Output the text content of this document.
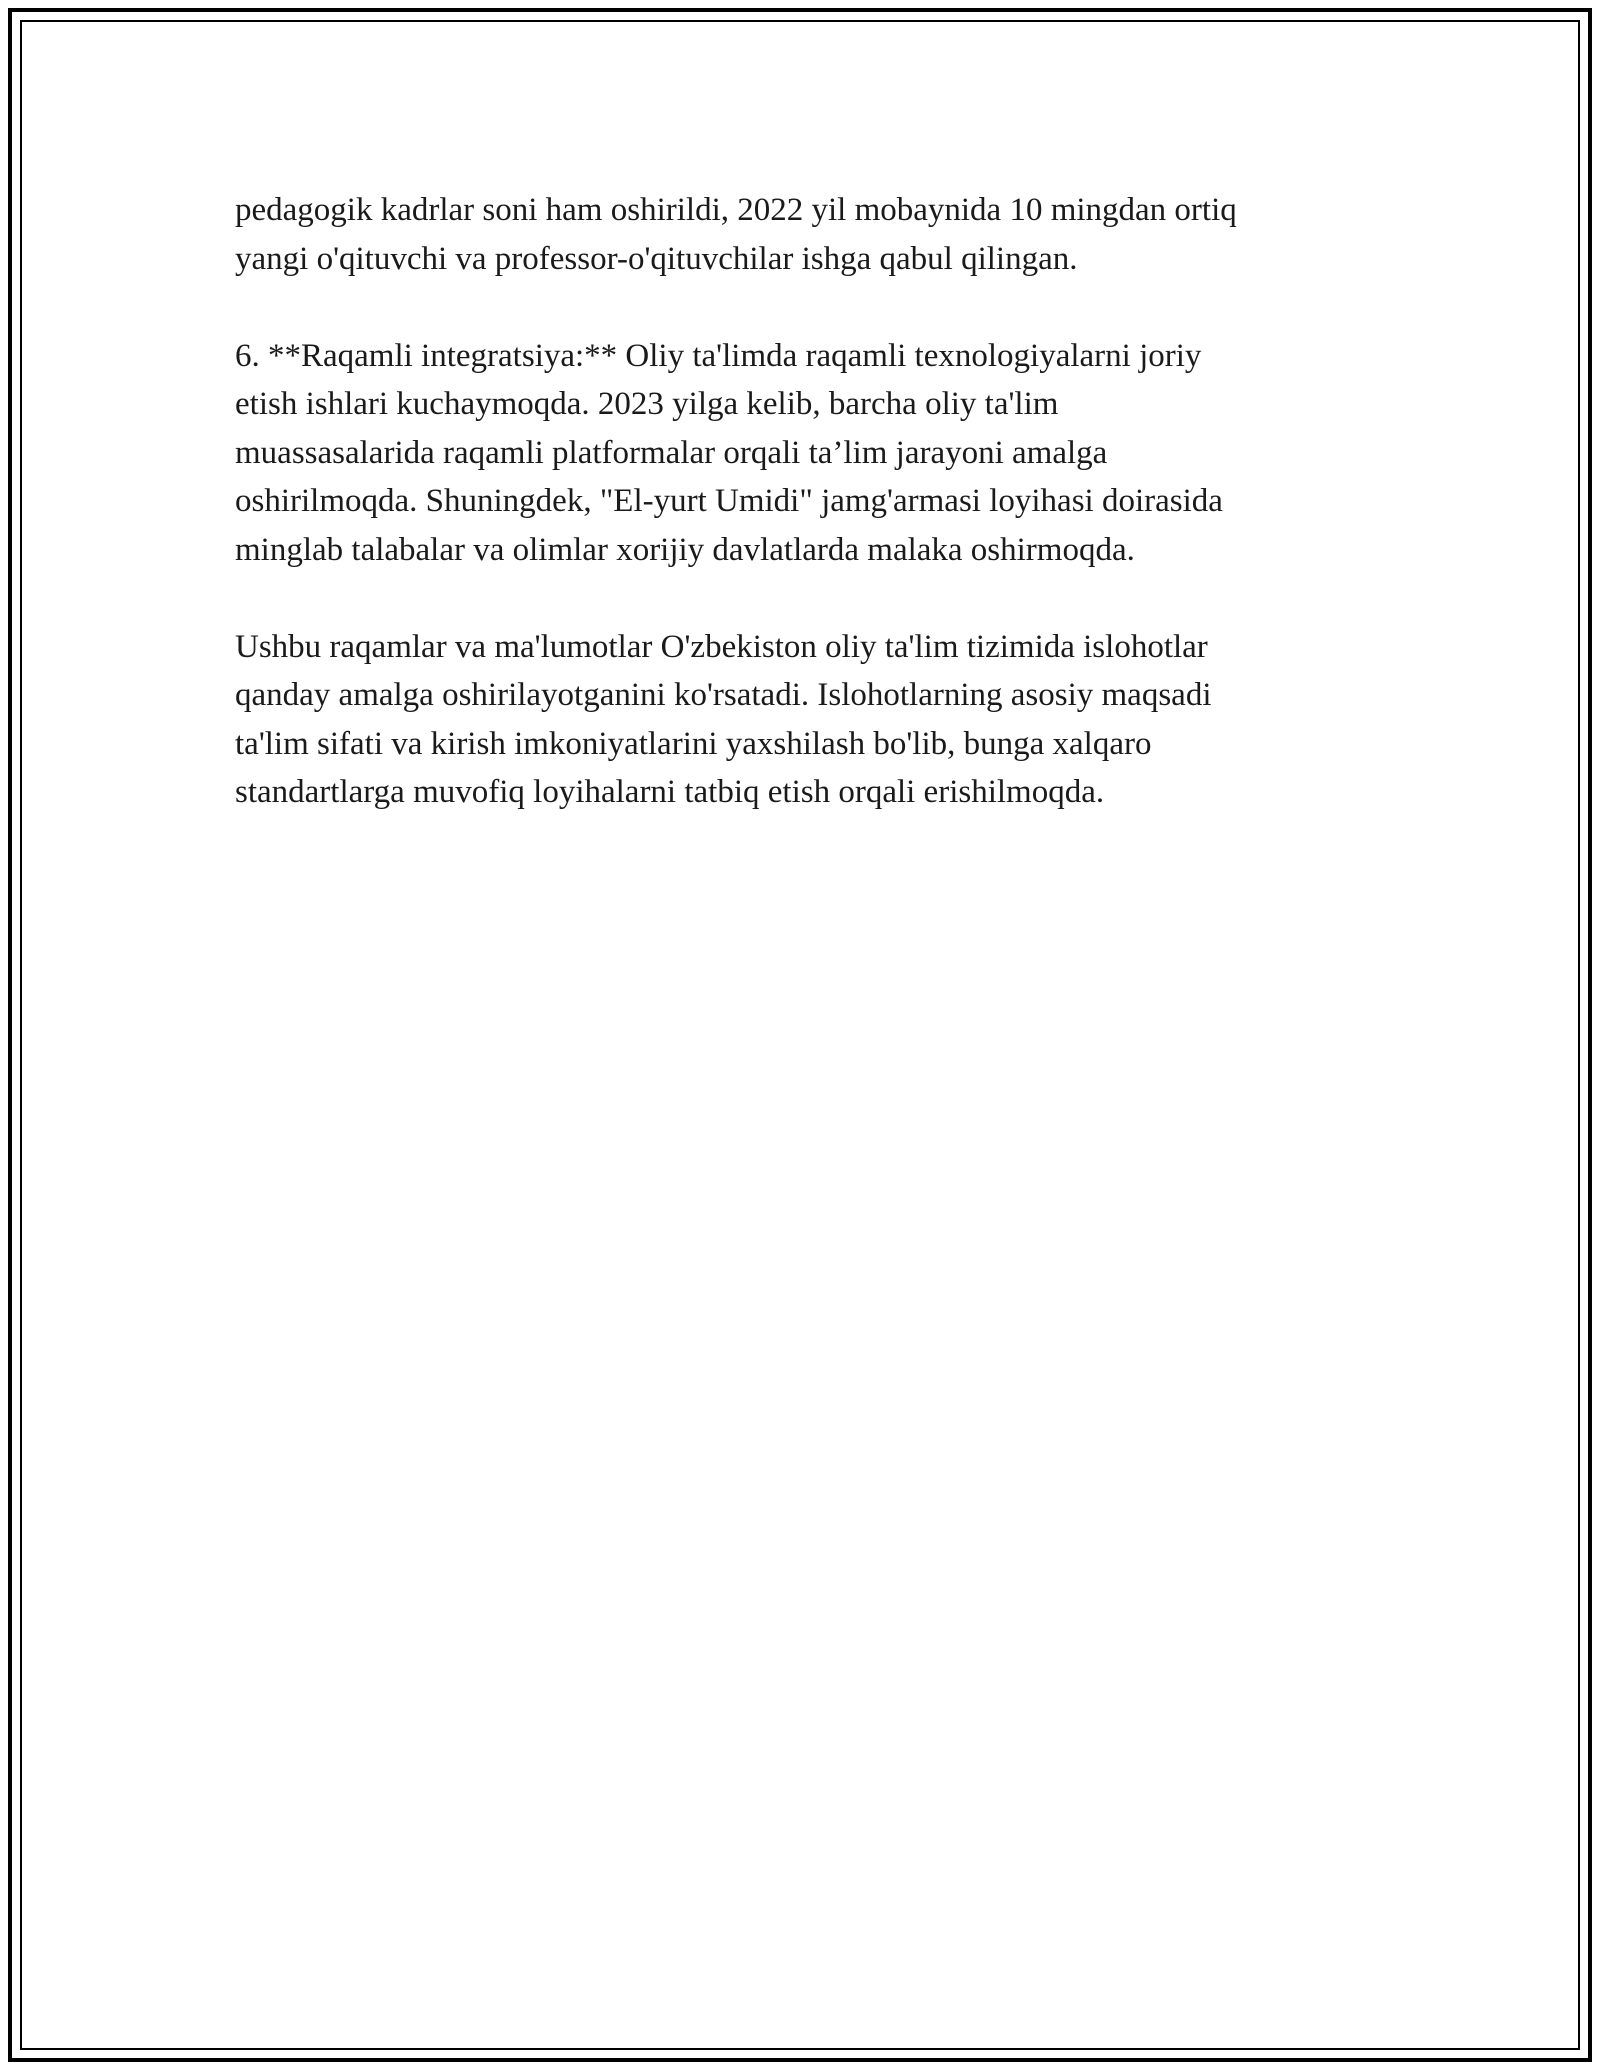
pedagogik kadrlar soni ham oshirildi, 2022 yil mobaynida 10 mingdan ortiq
yangi o'qituvchi va professor-o'qituvchilar ishga qabul qilingan.

6. **Raqamli integratsiya:** Oliy ta'limda raqamli texnologiyalarni joriy
etish ishlari kuchaymoqda. 2023 yilga kelib, barcha oliy ta'lim
muassasalarida raqamli platformalar orqali ta’lim jarayoni amalga
oshirilmoqda. Shuningdek, "El-yurt Umidi" jamg'armasi loyihasi doirasida
minglab talabalar va olimlar xorijiy davlatlarda malaka oshirmoqda.

Ushbu raqamlar va ma'lumotlar O'zbekiston oliy ta'lim tizimida islohotlar
qanday amalga oshirilayotganini ko'rsatadi. Islohotlarning asosiy maqsadi
ta'lim sifati va kirish imkoniyatlarini yaxshilash bo'lib, bunga xalqaro
standartlarga muvofiq loyihalarni tatbiq etish orqali erishilmoqda.
